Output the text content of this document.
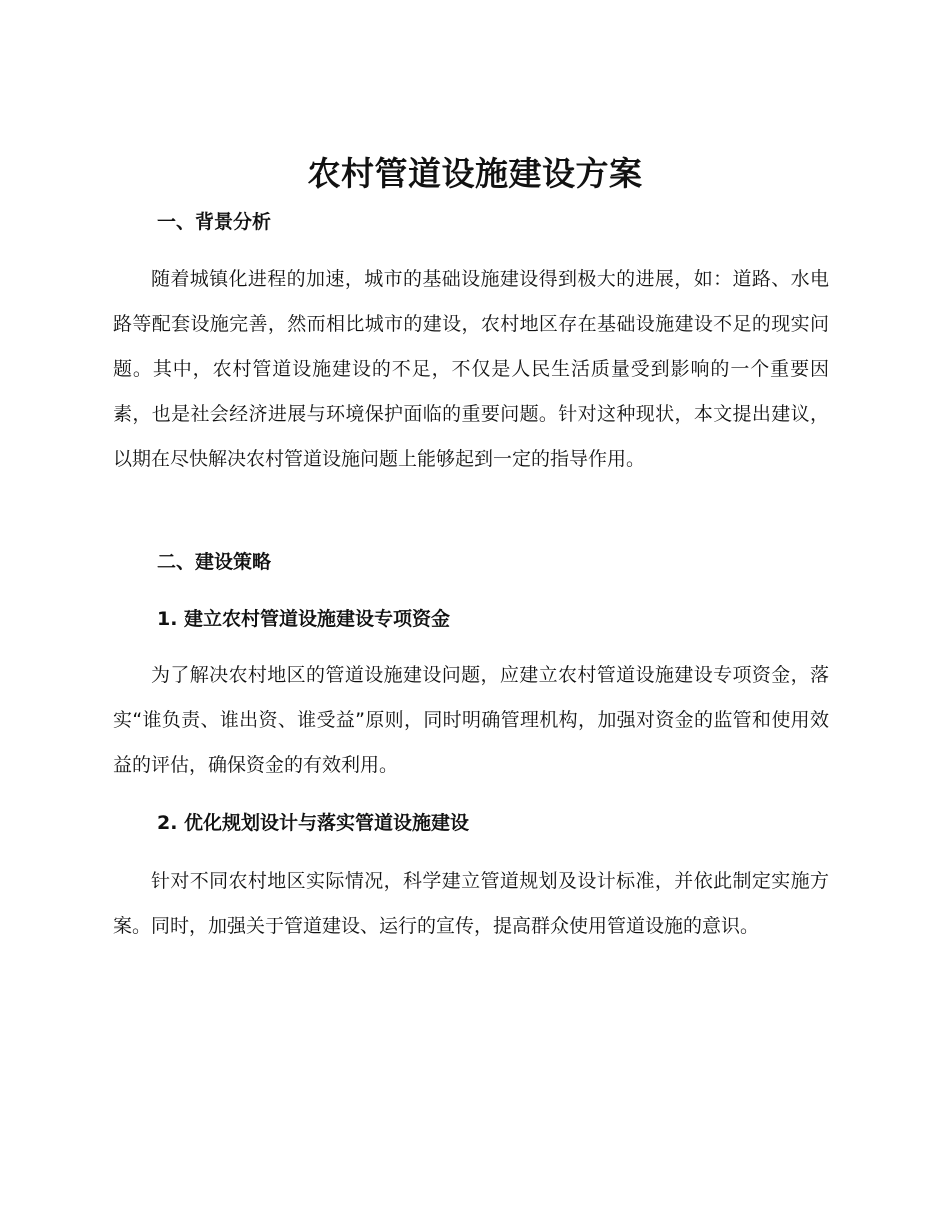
农村管道设施建设方案
一、背景分析

随着城镇化进程的加速，城市的基础设施建设得到极大的进展，如：道路、水电路等配套设施完善，然而相比城市的建设，农村地区存在基础设施建设不足的现实问题。其中，农村管道设施建设的不足，不仅是人民生活质量受到影响的一个重要因素，也是社会经济进展与环境保护面临的重要问题。针对这种现状，本文提出建议，以期在尽快解决农村管道设施问题上能够起到一定的指导作用。

二、建设策略
1. 建立农村管道设施建设专项资金

为了解决农村地区的管道设施建设问题，应建立农村管道设施建设专项资金，落实“谁负责、谁出资、谁受益”原则，同时明确管理机构，加强对资金的监管和使用效益的评估，确保资金的有效利用。

2. 优化规划设计与落实管道设施建设

针对不同农村地区实际情况，科学建立管道规划及设计标准，并依此制定实施方案。同时，加强关于管道建设、运行的宣传，提高群众使用管道设施的意识。
